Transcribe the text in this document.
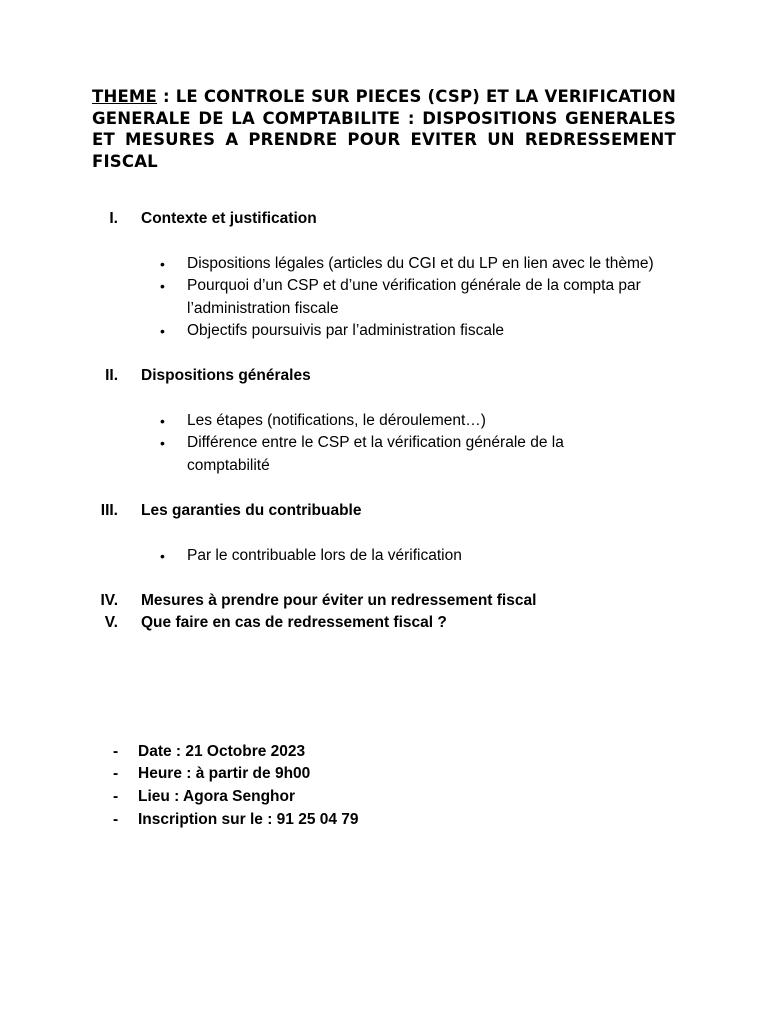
THEME : LE CONTROLE SUR PIECES (CSP) ET LA VERIFICATION GENERALE DE LA COMPTABILITE : DISPOSITIONS GENERALES ET MESURES A PRENDRE POUR EVITER UN REDRESSEMENT FISCAL

I. Contexte et justification
•	Dispositions légales (articles du CGI et du LP en lien avec le thème)
•	Pourquoi d’un CSP et d’une vérification générale de la compta par l’administration fiscale
•	Objectifs poursuivis par l’administration fiscale
II. Dispositions générales
•	Les étapes (notifications, le déroulement…)
•	Différence entre le CSP et la vérification générale de la comptabilité
III. Les garanties du contribuable
•	Par le contribuable lors de la vérification
IV. Mesures à prendre pour éviter un redressement fiscal
V. Que faire en cas de redressement fiscal ?
- Date : 21 Octobre 2023
- Heure : à partir de 9h00
- Lieu : Agora Senghor
- Inscription sur le : 91 25 04 79
